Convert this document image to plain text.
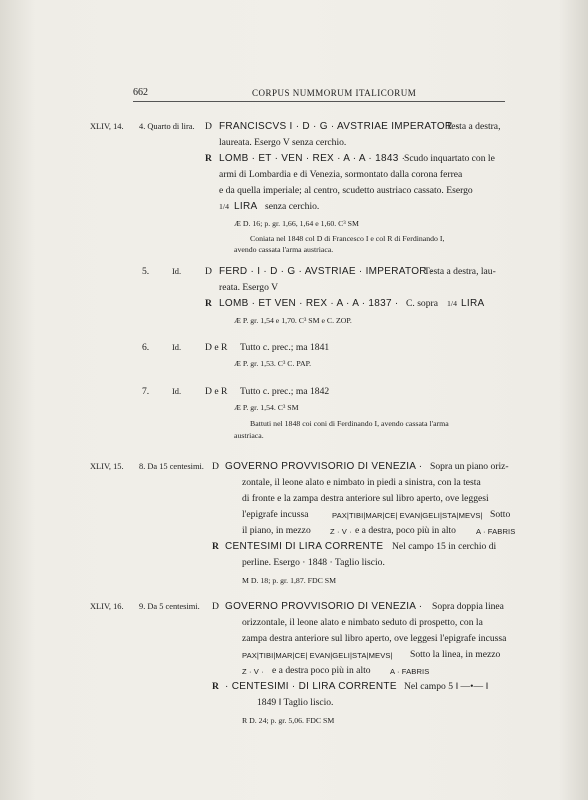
662	CORPUS NUMMORUM ITALICORUM
XLIV, 14. 4. Quarto di lira. D FRANCISCVS I · D · G · AVSTRIAE IMPERATOR ·
Testa a destra,
laureata. Esergo V senza cerchio.
R LOMB · ET · VEN · REX · A · A · 1843 ·
Scudo inquartato con le
armi di Lombardia e di Venezia, sormontato dalla corona ferrea
e da quella imperiale; al centro, scudetto austriaco cassato. Esergo
1/4 LIRA senza cerchio.
Æ D. 16; p. gr. 1,66, 1,64 e 1,60. C³ SM
Coniata nel 1848 col D di Francesco I e col R di Ferdinando I,
avendo cassata l'arma austriaca.
5.	Id. D FERD · I · D · G · AVSTRIAE · IMPERATOR ·
Testa a destra, lau-
reata. Esergo V
R LOMB · ET VEN · REX · A · A · 1837 · C. sopra 1/4 LIRA
Æ P. gr. 1,54 e 1,70. C³ SM e C. ZOP.
6.	Id. D e R Tutto c. prec.; ma 1841
Æ P. gr. 1,53. C³ C. PAP.
7.	Id. D e R Tutto c. prec.; ma 1842
Æ P. gr. 1,54. C³ SM
Battuti nel 1848 coi coni di Ferdinando I, avendo cassata l'arma
austriaca.
XLIV, 15. 8. Da 15 centesimi. D GOVERNO PROVVISORIO DI VENEZIA · Sopra un piano oriz-
zontale, il leone alato e nimbato in piedi a sinistra, con la testa
di fronte e la zampa destra anteriore sul libro aperto, ove leggesi
l'epigrafe incussa	PAX|TIBI|MAR|CE| EVAN|GELI|STA|MEVS| Sotto
il piano, in mezzo	Z · V · e a destra, poco più in alto	A · FABRIS
R CENTESIMI DI LIRA CORRENTE Nel campo 15 in cerchio di
perline. Esergo · 1848 · Taglio liscio.
M D. 18; p. gr. 1,87. FDC SM
XLIV, 16. 9. Da 5 centesimi. D GOVERNO PROVVISORIO DI VENEZIA · Sopra doppia linea
orizzontale, il leone alato e nimbato seduto di prospetto, con la
zampa destra anteriore sul libro aperto, ove leggesi l'epigrafe incussa
PAX|TIBI|MAR|CE| EVAN|GELI|STA|MEVS| Sotto la linea, in mezzo
Z · V · e a destra poco più in alto	A · FABRIS
R · CENTESIMI · DI LIRA CORRENTE Nel campo 5 ‖ —•— ‖
1849 ‖ Taglio liscio.
R D. 24; p. gr. 5,06. FDC SM
